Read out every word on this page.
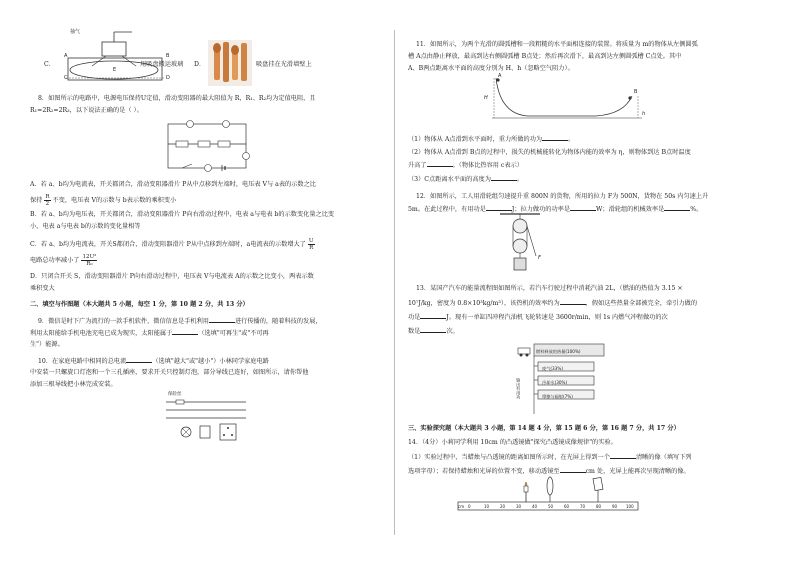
C．
抽气
A	B
C	D
E
用吸盘搬运玻璃 D．	吸盘挂在光滑墙壁上
8．如图所示的电路中，电源电压保持U定值，滑动变阻器的最大阻值为 R，R₁、R₂均为定值电阻，且
R₁=2R₂=2R₃，以下说法正确的是（ ）。
A．若 a、b均为电流表，开关都闭合，滑动变阻器滑片 P从中点移到左端时，电压表 V与 a表的示数之比
保持 $\frac{R}{2}$ 不变，电压表 V的示数与 b表示数的乘积变小
B．若 a、b均为电压表，开关都闭合，滑动变阻器滑片 P向右滑动过程中，电表 a与电表 b的示数变化量之比变
小，电表 a与电表 b的示数的变化量相等
C．若 a、b均为电流表，开关S都闭合，滑动变阻器滑片 P从中点移到左端时，a电流表的示数增大了 $\frac{U}{R}$
电路总功率减小了 $\frac{\text{12U²}}{\text{R₀}}$
D．只闭合开关 S，滑动变阻器滑片 P向右滑动过程中，电压表 V与电流表 A的示数之比变小，两表示数
乘积变大
二、填空与作图题（本大题共 5 小题，每空 1 分，第 10 题 2 分，共 13 分）
9．微信是时下广为流行的一款手机软件，微信信息是手机利用	进行传播的，随着科技的发展，
利用太阳能给手机电池充电已成为现实，太阳能属于	（选填"可再生"或"不可再
生"）能源。
10．在家庭电路中相同的总电流	（选填"越大"或"越小"）小林同学家庭电路
中安装一只螺旋口灯泡和一个三孔插座，要求开关只控制灯泡，部分导线已连好，如图所示，请你帮他
添加三根导线把小林完成安装。
保险丝
11．如图所示，为两个光滑的圆弧槽和一段粗糙的水平面相连接的装置。将质量为 m的物体从左侧圆弧
槽 A点由静止释放，最高到达右侧圆弧槽 B点处；然后再次滑下，最高到达左侧圆弧槽 C点处。其中
A、B两点距离水平面的高度分别为 H、h（忽略空气阻力）。
H
h
A
B
（1）物体从 A点滑到水平面时，重力所做的功为	。
（2）物体从 A点滑到 B点的过程中，损失的机械能转化为物体内能的效率为 η，则物体到达 B点时温度
升高了	。（物体比热容用 c表示）
（3）C点距离水平面的高度为	。
12．如图所示，工人用滑轮组匀速提升重 800N 的货物，所用的拉力 F为 500N，货物在 50s 内匀速上升
5m。在此过程中，有用功是	J；拉力做功的功率是	W；滑轮组的机械效率是	%。
F
13．某国产汽车的能量流程图如图所示，若汽车行驶过程中消耗汽油 2L，（燃油的热值为 3.15 ×
10⁷J/kg，密度为 0.8×10³kg/m³），该热机的效率约为	，假如这些热量全部被完全，牵引力做的
功是	J。现有一单缸四冲程汽油机飞轮转速是 3600r/min，则 1s 内燃气冲程做功的次
数是	次。
燃料释放的热量(100%)
废气(33%)
冷却水(30%)
摩擦与辐射(7%)
输出有用功
三、实验探究题（本大题共 3 小题，第 14 题 4 分，第 15 题 6 分，第 16 题 7 分，共 17 分）
14．（4分）小莉同学利用 10cm 的凸透镜做"探究凸透镜成像规律"的实验。
（1）实验过程中，当蜡烛与凸透镜的距离如图所示时，在光屏上得到一个	清晰的像（填写下列
选项字母）；若保持蜡烛和光屏的位置不变，移动透镜至	cm 处，光屏上能再次呈现清晰的像。
cm 0	10	20	30	40	50	60	70	80	90 100
